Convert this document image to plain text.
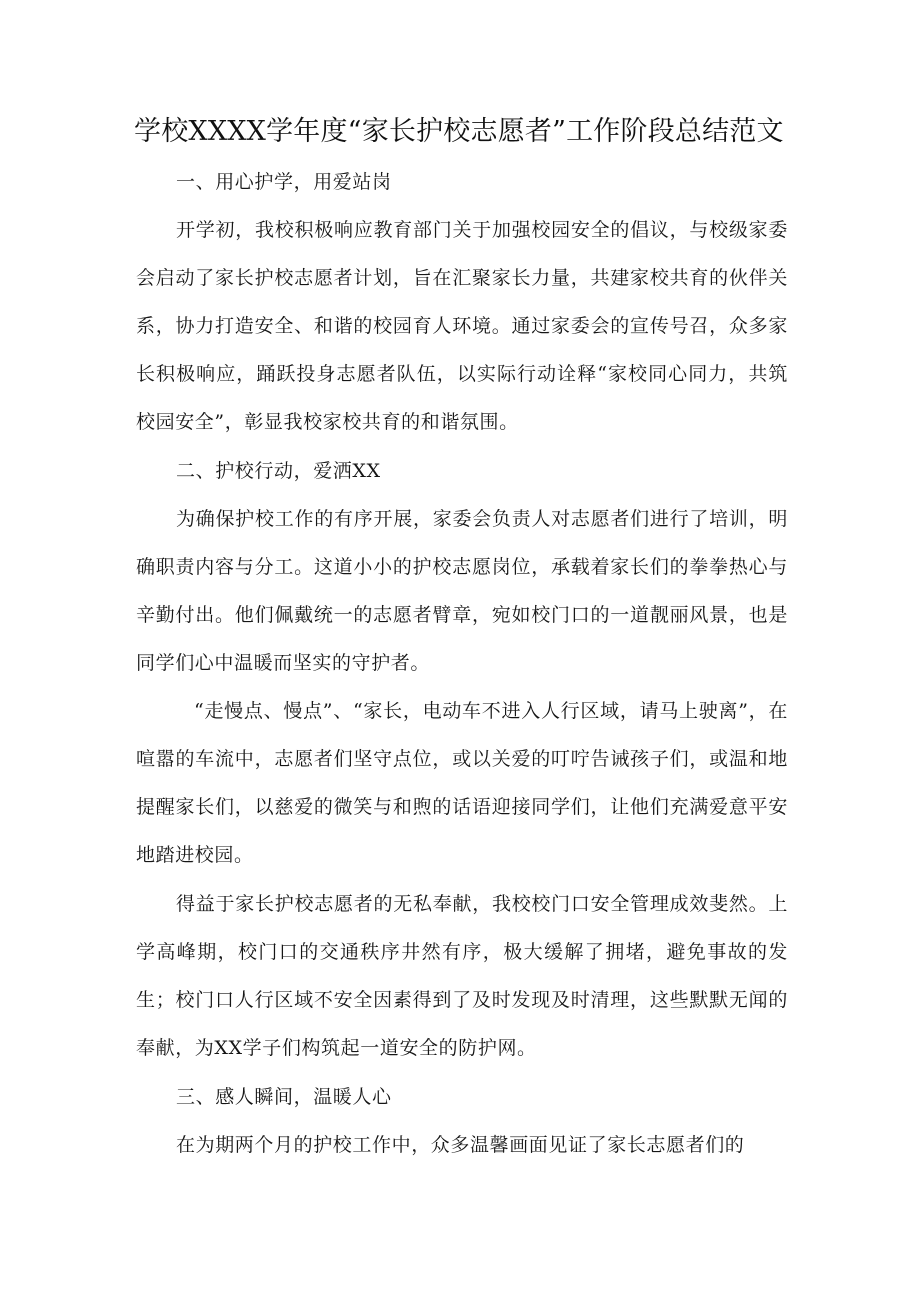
学校XXXX学年度“家长护校志愿者”工作阶段总结范文
一、用心护学，用爱站岗

开学初，我校积极响应教育部门关于加强校园安全的倡议，与校级家委会启动了家长护校志愿者计划，旨在汇聚家长力量，共建家校共育的伙伴关系，协力打造安全、和谐的校园育人环境。通过家委会的宣传号召，众多家长积极响应，踊跃投身志愿者队伍，以实际行动诠释“家校同心同力，共筑校园安全”，彰显我校家校共育的和谐氛围。

二、护校行动，爱洒XX

为确保护校工作的有序开展，家委会负责人对志愿者们进行了培训，明确职责内容与分工。这道小小的护校志愿岗位，承载着家长们的拳拳热心与辛勤付出。他们佩戴统一的志愿者臂章，宛如校门口的一道靓丽风景，也是同学们心中温暖而坚实的守护者。

“走慢点、慢点”、“家长，电动车不进入人行区域，请马上驶离”，在喧嚣的车流中，志愿者们坚守点位，或以关爱的叮咛告诫孩子们，或温和地提醒家长们，以慈爱的微笑与和煦的话语迎接同学们，让他们充满爱意平安地踏进校园。

得益于家长护校志愿者的无私奉献，我校校门口安全管理成效斐然。上学高峰期，校门口的交通秩序井然有序，极大缓解了拥堵，避免事故的发生；校门口人行区域不安全因素得到了及时发现及时清理，这些默默无闻的奉献，为XX学子们构筑起一道安全的防护网。

三、感人瞬间，温暖人心

在为期两个月的护校工作中，众多温馨画面见证了家长志愿者们的
